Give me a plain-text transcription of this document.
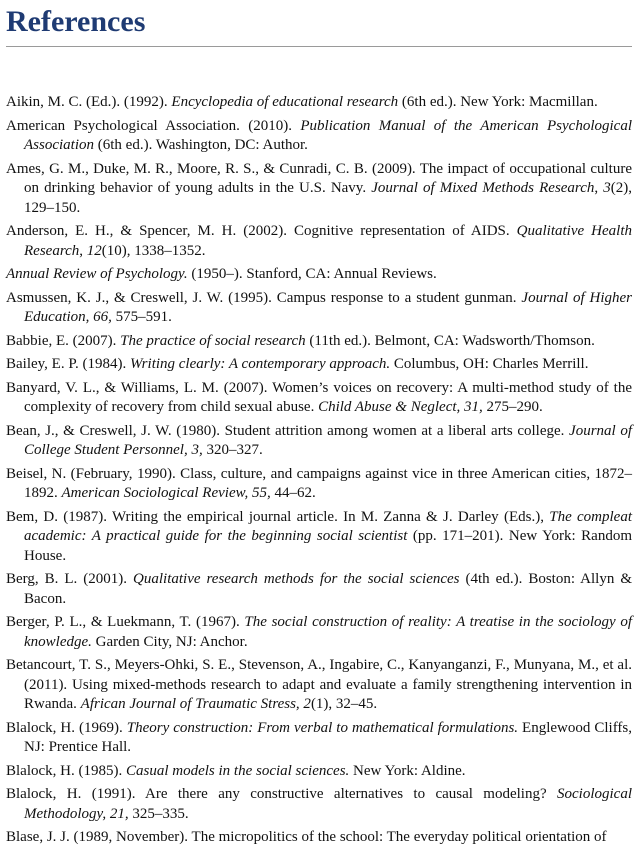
References

Aikin, M. C. (Ed.). (1992). Encyclopedia of educational research (6th ed.). New York: Macmillan.

American Psychological Association. (2010). Publication Manual of the American Psychological Association (6th ed.). Washington, DC: Author.

Ames, G. M., Duke, M. R., Moore, R. S., & Cunradi, C. B. (2009). The impact of occupational culture on drinking behavior of young adults in the U.S. Navy. Journal of Mixed Methods Research, 3(2), 129–150.

Anderson, E. H., & Spencer, M. H. (2002). Cognitive representation of AIDS. Qualitative Health Research, 12(10), 1338–1352.

Annual Review of Psychology. (1950–). Stanford, CA: Annual Reviews.

Asmussen, K. J., & Creswell, J. W. (1995). Campus response to a student gunman. Journal of Higher Education, 66, 575–591.

Babbie, E. (2007). The practice of social research (11th ed.). Belmont, CA: Wadsworth/Thomson.

Bailey, E. P. (1984). Writing clearly: A contemporary approach. Columbus, OH: Charles Merrill.

Banyard, V. L., & Williams, L. M. (2007). Women’s voices on recovery: A multi-method study of the complexity of recovery from child sexual abuse. Child Abuse & Neglect, 31, 275–290.

Bean, J., & Creswell, J. W. (1980). Student attrition among women at a liberal arts college. Journal of College Student Personnel, 3, 320–327.

Beisel, N. (February, 1990). Class, culture, and campaigns against vice in three American cities, 1872–1892. American Sociological Review, 55, 44–62.

Bem, D. (1987). Writing the empirical journal article. In M. Zanna & J. Darley (Eds.), The compleat academic: A practical guide for the beginning social scientist (pp. 171–201). New York: Random House.

Berg, B. L. (2001). Qualitative research methods for the social sciences (4th ed.). Boston: Allyn & Bacon.

Berger, P. L., & Luekmann, T. (1967). The social construction of reality: A treatise in the sociology of knowledge. Garden City, NJ: Anchor.

Betancourt, T. S., Meyers-Ohki, S. E., Stevenson, A., Ingabire, C., Kanyanganzi, F., Munyana, M., et al. (2011). Using mixed-methods research to adapt and evaluate a family strengthening intervention in Rwanda. African Journal of Traumatic Stress, 2(1), 32–45.

Blalock, H. (1969). Theory construction: From verbal to mathematical formulations. Englewood Cliffs, NJ: Prentice Hall.

Blalock, H. (1985). Casual models in the social sciences. New York: Aldine.

Blalock, H. (1991). Are there any constructive alternatives to causal modeling? Sociological Methodology, 21, 325–335.

Blase, J. J. (1989, November). The micropolitics of the school: The everyday political orientation of
